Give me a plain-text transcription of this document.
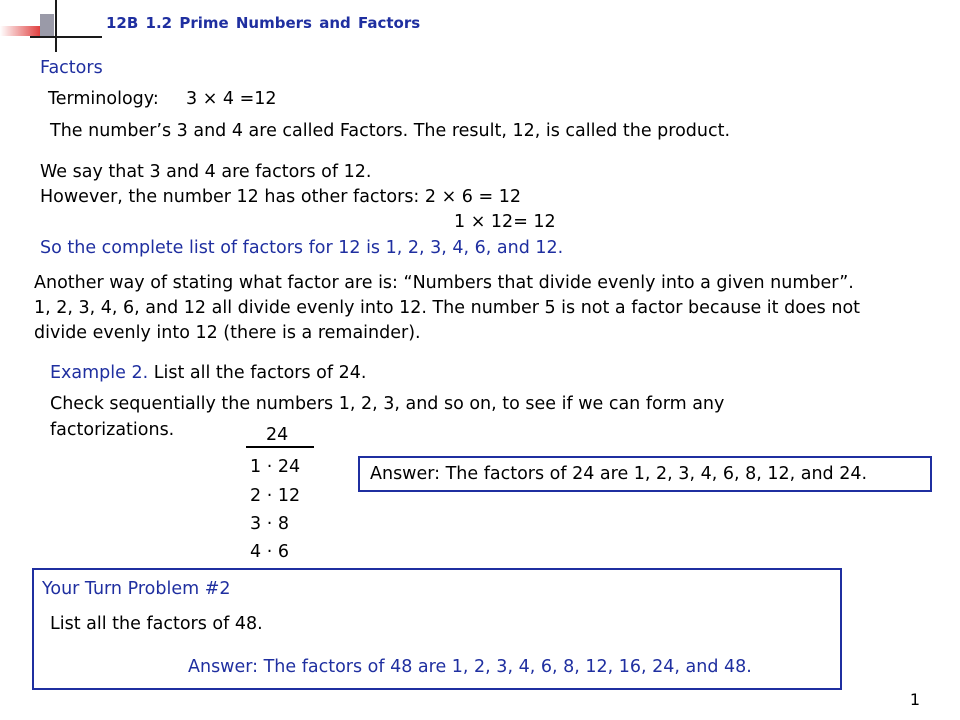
12B 1.2 Prime Numbers and Factors
Factors
Terminology: 3 × 4 =12
The number’s 3 and 4 are called Factors. The result, 12, is called the product.
We say that 3 and 4 are factors of 12.
However, the number 12 has other factors: 2 × 6 = 12
1 × 12= 12
So the complete list of factors for 12 is 1, 2, 3, 4, 6, and 12.
Another way of stating what factor are is: “Numbers that divide evenly into a given number”.
1, 2, 3, 4, 6, and 12 all divide evenly into 12. The number 5 is not a factor because it does not
divide evenly into 12 (there is a remainder).
Example 2. List all the factors of 24.
Check sequentially the numbers 1, 2, 3, and so on, to see if we can form any
factorizations.	24
1 · 24
2 · 12
3 · 8
4 · 6
Answer: The factors of 24 are 1, 2, 3, 4, 6, 8, 12, and 24.
Your Turn Problem #2
List all the factors of 48.
Answer: The factors of 48 are 1, 2, 3, 4, 6, 8, 12, 16, 24, and 48.
1
